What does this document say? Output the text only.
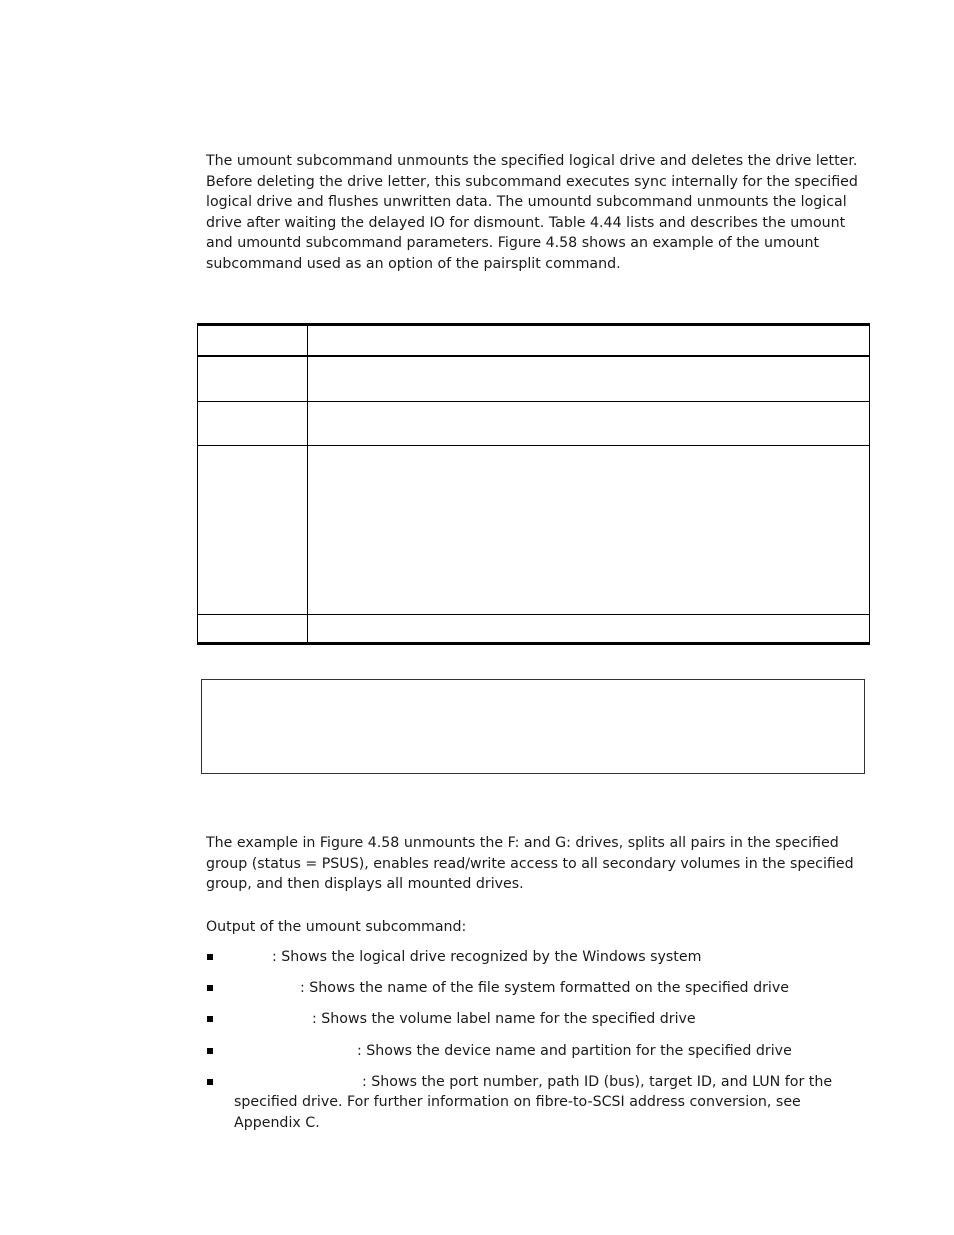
The umount subcommand unmounts the specified logical drive and deletes the drive letter. Before deleting the drive letter, this subcommand executes sync internally for the specified logical drive and flushes unwritten data. The umountd subcommand unmounts the logical drive after waiting the delayed IO for dismount. Table 4.44 lists and describes the umount and umountd subcommand parameters. Figure 4.58 shows an example of the umount subcommand used as an option of the pairsplit command.

The example in Figure 4.58 unmounts the F: and G: drives, splits all pairs in the specified group (status = PSUS), enables read/write access to all secondary volumes in the specified group, and then displays all mounted drives.

Output of the umount subcommand:

: Shows the logical drive recognized by the Windows system
: Shows the name of the file system formatted on the specified drive
: Shows the volume label name for the specified drive
: Shows the device name and partition for the specified drive
: Shows the port number, path ID (bus), target ID, and LUN for the specified drive. For further information on fibre-to-SCSI address conversion, see Appendix C.
